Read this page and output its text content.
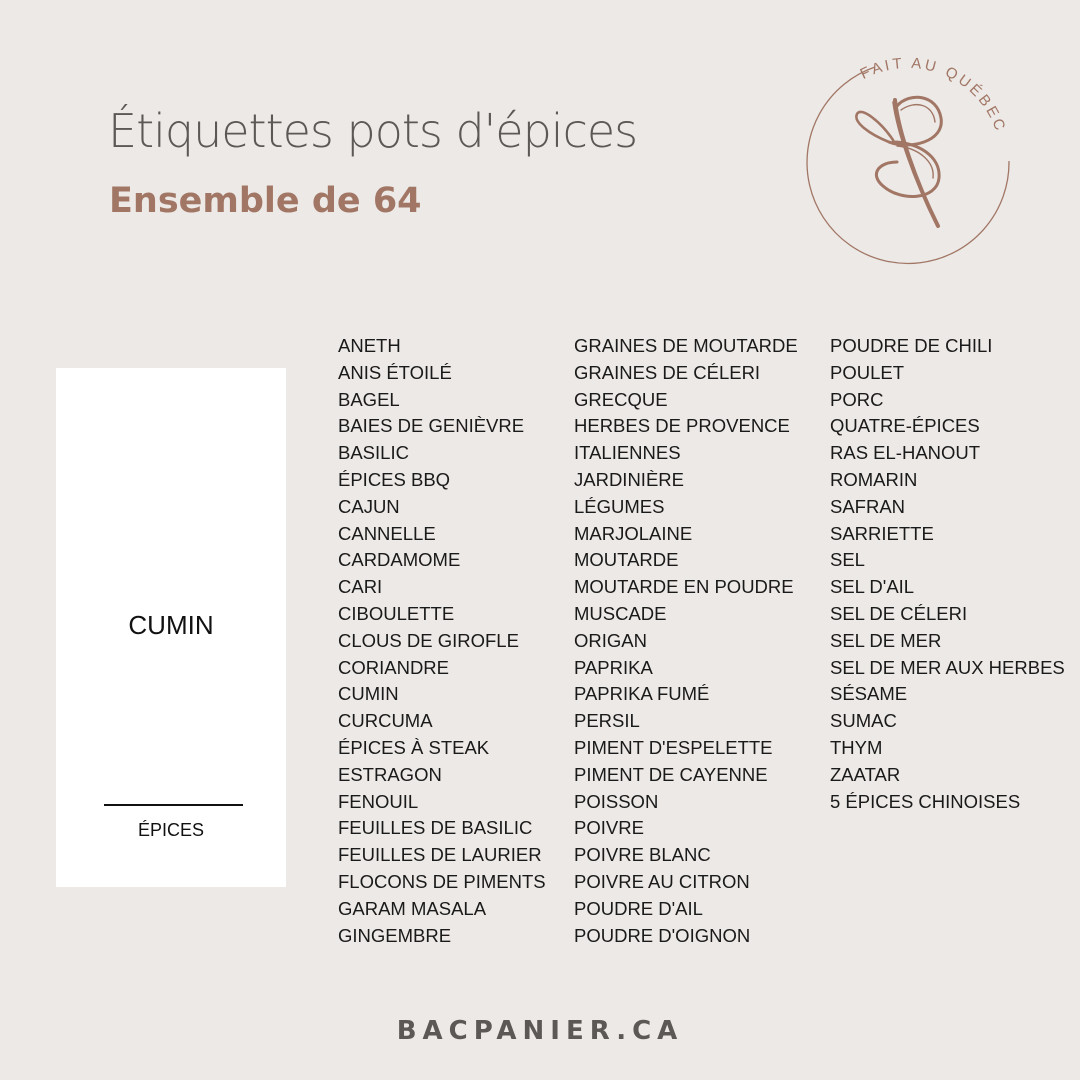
Étiquettes pots d'épices
Ensemble de 64
FAIT AU QUÉBEC
CUMIN
ÉPICES
ANETH
ANIS ÉTOILÉ
BAGEL
BAIES DE GENIÈVRE
BASILIC
ÉPICES BBQ
CAJUN
CANNELLE
CARDAMOME
CARI
CIBOULETTE
CLOUS DE GIROFLE
CORIANDRE
CUMIN
CURCUMA
ÉPICES À STEAK
ESTRAGON
FENOUIL
FEUILLES DE BASILIC
FEUILLES DE LAURIER
FLOCONS DE PIMENTS
GARAM MASALA
GINGEMBRE
GRAINES DE MOUTARDE
GRAINES DE CÉLERI
GRECQUE
HERBES DE PROVENCE
ITALIENNES
JARDINIÈRE
LÉGUMES
MARJOLAINE
MOUTARDE
MOUTARDE EN POUDRE
MUSCADE
ORIGAN
PAPRIKA
PAPRIKA FUMÉ
PERSIL
PIMENT D'ESPELETTE
PIMENT DE CAYENNE
POISSON
POIVRE
POIVRE BLANC
POIVRE AU CITRON
POUDRE D'AIL
POUDRE D'OIGNON
POUDRE DE CHILI
POULET
PORC
QUATRE-ÉPICES
RAS EL-HANOUT
ROMARIN
SAFRAN
SARRIETTE
SEL
SEL D'AIL
SEL DE CÉLERI
SEL DE MER
SEL DE MER AUX HERBES
SÉSAME
SUMAC
THYM
ZAATAR
5 ÉPICES CHINOISES
BACPANIER.CA
